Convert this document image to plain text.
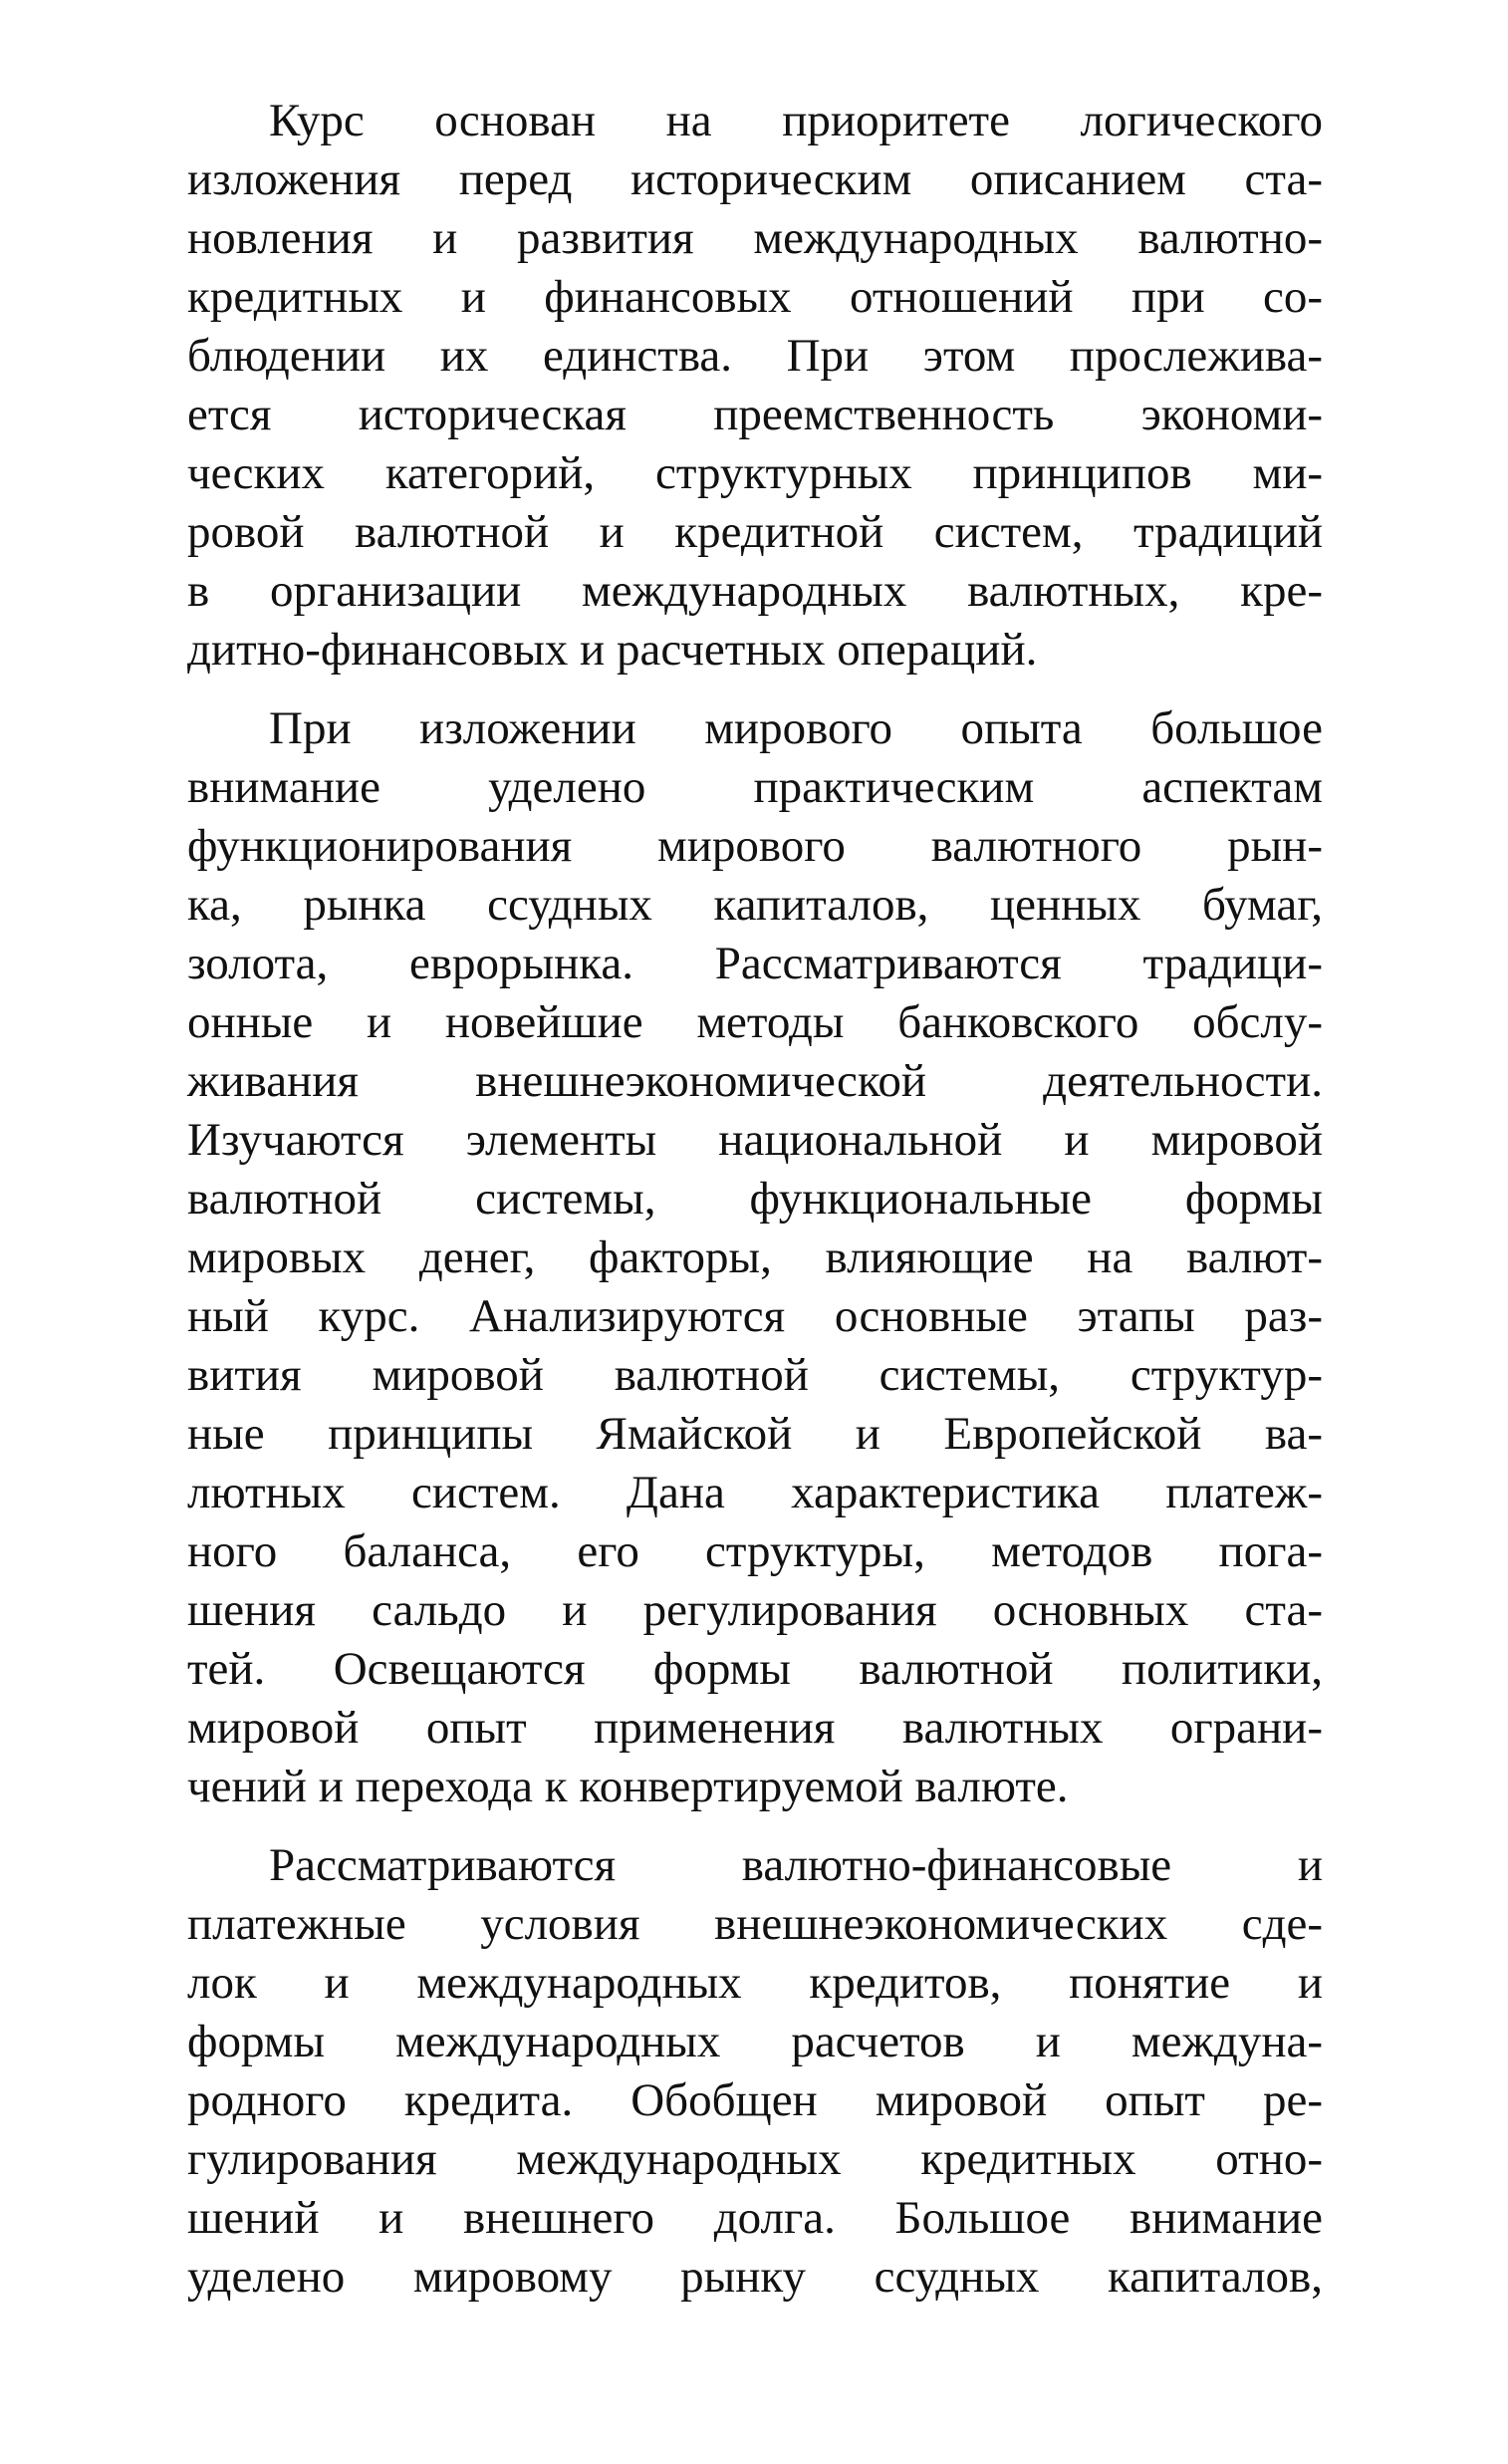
Курс основан на приоритете логического
изложения перед историческим описанием ста-
новления и развития международных валютно-
кредитных и финансовых отношений при со-
блюдении их единства. При этом прослежива-
ется историческая преемственность экономи-
ческих категорий, структурных принципов ми-
ровой валютной и кредитной систем, традиций
в организации международных валютных, кре-
дитно-финансовых и расчетных операций.
При изложении мирового опыта большое
внимание уделено практическим аспектам
функционирования мирового валютного рын-
ка, рынка ссудных капиталов, ценных бумаг,
золота, еврорынка. Рассматриваются традици-
онные и новейшие методы банковского обслу-
живания внешнеэкономической деятельности.
Изучаются элементы национальной и мировой
валютной системы, функциональные формы
мировых денег, факторы, влияющие на валют-
ный курс. Анализируются основные этапы раз-
вития мировой валютной системы, структур-
ные принципы Ямайской и Европейской ва-
лютных систем. Дана характеристика платеж-
ного баланса, его структуры, методов пога-
шения сальдо и регулирования основных ста-
тей. Освещаются формы валютной политики,
мировой опыт применения валютных ограни-
чений и перехода к конвертируемой валюте.
Рассматриваются валютно-финансовые и
платежные условия внешнеэкономических сде-
лок и международных кредитов, понятие и
формы международных расчетов и междуна-
родного кредита. Обобщен мировой опыт ре-
гулирования международных кредитных отно-
шений и внешнего долга. Большое внимание
уделено мировому рынку ссудных капиталов,
